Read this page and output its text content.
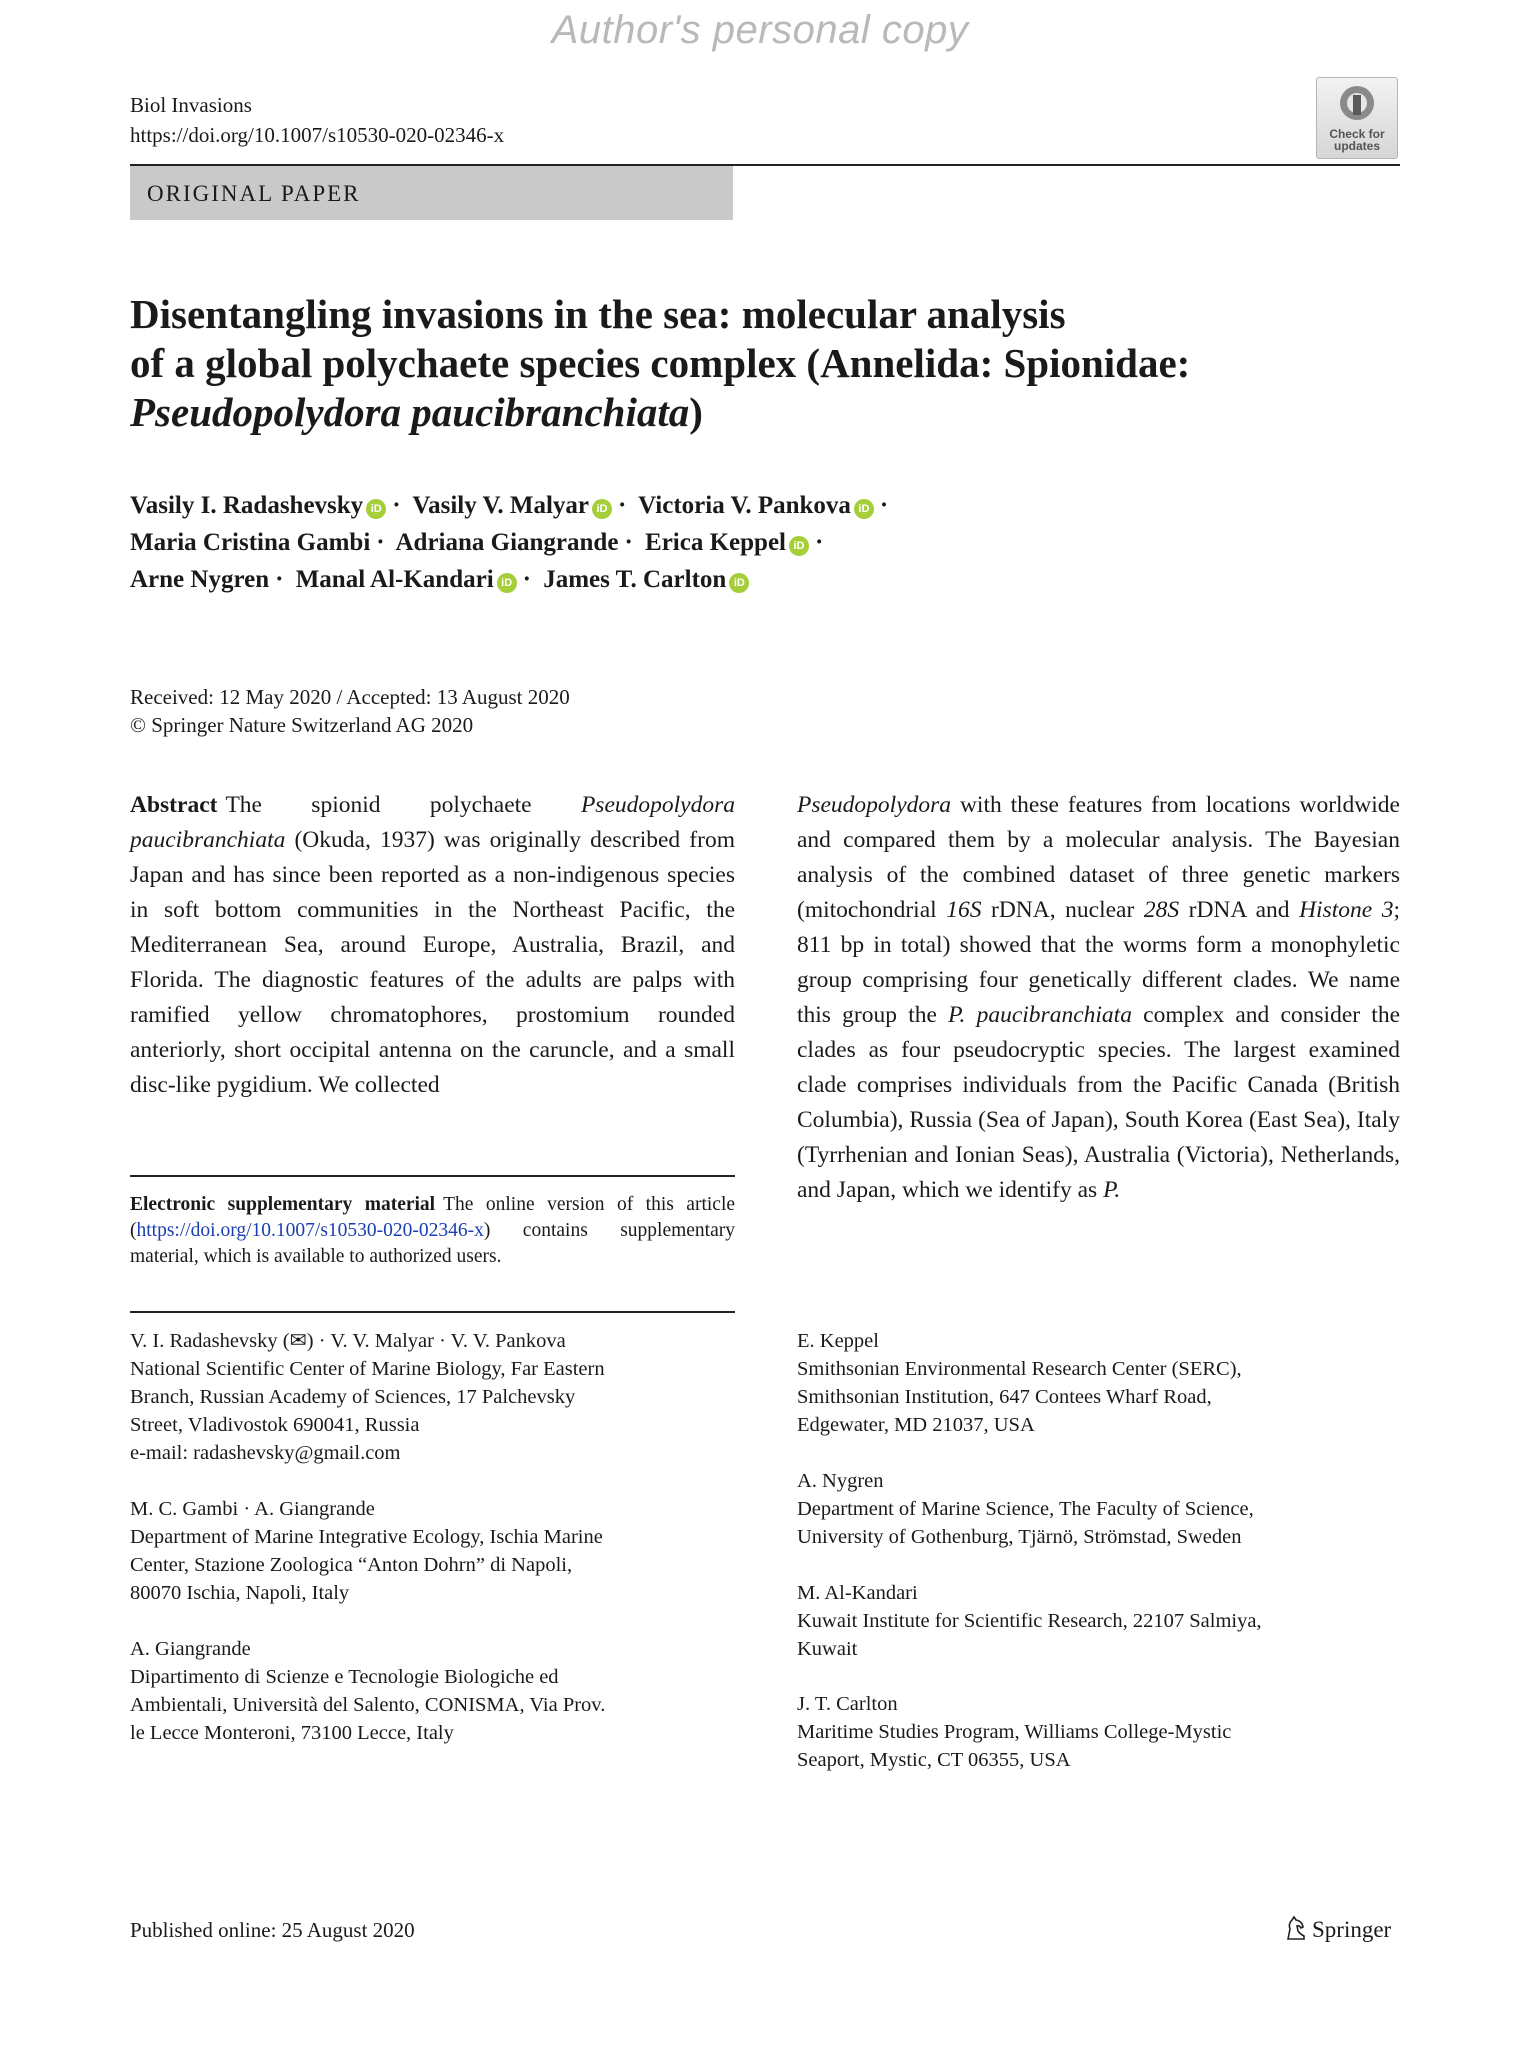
Author's personal copy
Biol Invasions
https://doi.org/10.1007/s10530-020-02346-x	Check for
updates
ORIGINAL PAPER
Disentangling invasions in the sea: molecular analysis
of a global polychaete species complex (Annelida: Spionidae:
Pseudopolydora paucibranchiata)
Vasily I. Radashevsky iD · Vasily V. Malyar iD · Victoria V. Pankova iD ·
Maria Cristina Gambi · Adriana Giangrande · Erica Keppel iD ·
Arne Nygren · Manal Al-Kandari iD · James T. Carlton iD
Received: 12 May 2020 / Accepted: 13 August 2020
© Springer Nature Switzerland AG 2020
Abstract The spionid polychaete Pseudopolydora paucibranchiata (Okuda, 1937) was originally described from Japan and has since been reported as a non-indigenous species in soft bottom communities in the Northeast Pacific, the Mediterranean Sea, around Europe, Australia, Brazil, and Florida. The diagnostic features of the adults are palps with ramified yellow chromatophores, prostomium rounded anteriorly, short occipital antenna on the caruncle, and a small disc-like pygidium. We collected
Pseudopolydora with these features from locations worldwide and compared them by a molecular analysis. The Bayesian analysis of the combined dataset of three genetic markers (mitochondrial 16S rDNA, nuclear 28S rDNA and Histone 3; 811 bp in total) showed that the worms form a monophyletic group comprising four genetically different clades. We name this group the P. paucibranchiata complex and consider the clades as four pseudocryptic species. The largest examined clade comprises individuals from the Pacific Canada (British Columbia), Russia (Sea of Japan), South Korea (East Sea), Italy (Tyrrhenian and Ionian Seas), Australia (Victoria), Netherlands, and Japan, which we identify as P.
Electronic supplementary material The online version of this article (https://doi.org/10.1007/s10530-020-02346-x) contains supplementary material, which is available to authorized users.
V. I. Radashevsky (✉) · V. V. Malyar · V. V. Pankova
National Scientific Center of Marine Biology, Far Eastern
Branch, Russian Academy of Sciences, 17 Palchevsky
Street, Vladivostok 690041, Russia
e-mail: radashevsky@gmail.com
M. C. Gambi · A. Giangrande
Department of Marine Integrative Ecology, Ischia Marine
Center, Stazione Zoologica “Anton Dohrn” di Napoli,
80070 Ischia, Napoli, Italy
A. Giangrande
Dipartimento di Scienze e Tecnologie Biologiche ed
Ambientali, Università del Salento, CONISMA, Via Prov.
le Lecce Monteroni, 73100 Lecce, Italy
E. Keppel
Smithsonian Environmental Research Center (SERC),
Smithsonian Institution, 647 Contees Wharf Road,
Edgewater, MD 21037, USA
A. Nygren
Department of Marine Science, The Faculty of Science,
University of Gothenburg, Tjärnö, Strömstad, Sweden
M. Al-Kandari
Kuwait Institute for Scientific Research, 22107 Salmiya,
Kuwait
J. T. Carlton
Maritime Studies Program, Williams College-Mystic
Seaport, Mystic, CT 06355, USA
Published online: 25 August 2020	Springer
